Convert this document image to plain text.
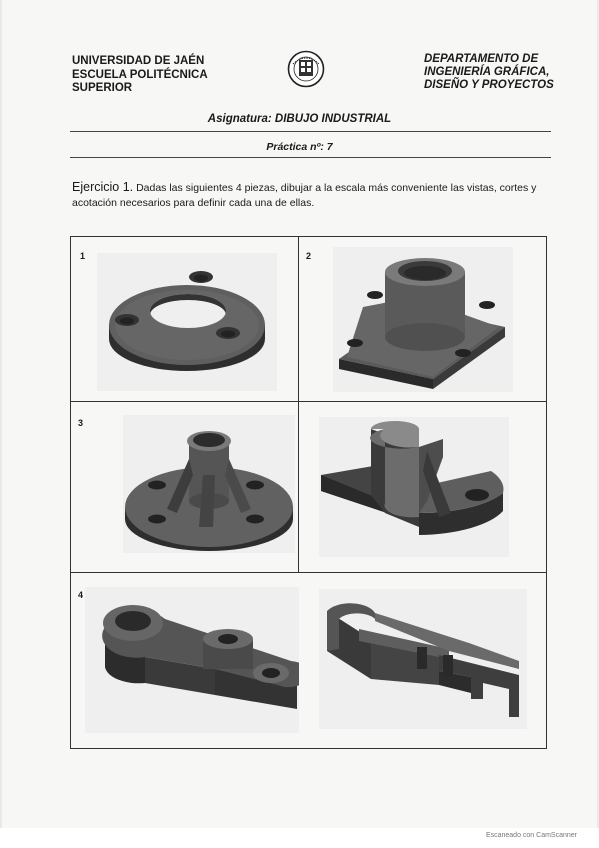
UNIVERSIDAD DE JAÉN
ESCUELA POLITÉCNICA
SUPERIOR
DEPARTAMENTO DE
INGENIERÍA GRÁFICA,
DISEÑO Y PROYECTOS
Asignatura: DIBUJO INDUSTRIAL
Práctica nº: 7
Ejercicio 1. Dadas las siguientes 4 piezas, dibujar a la escala más conveniente las vistas, cortes y acotación necesarios para definir cada una de ellas.
1	2
3
4
Escaneado con CamScanner
